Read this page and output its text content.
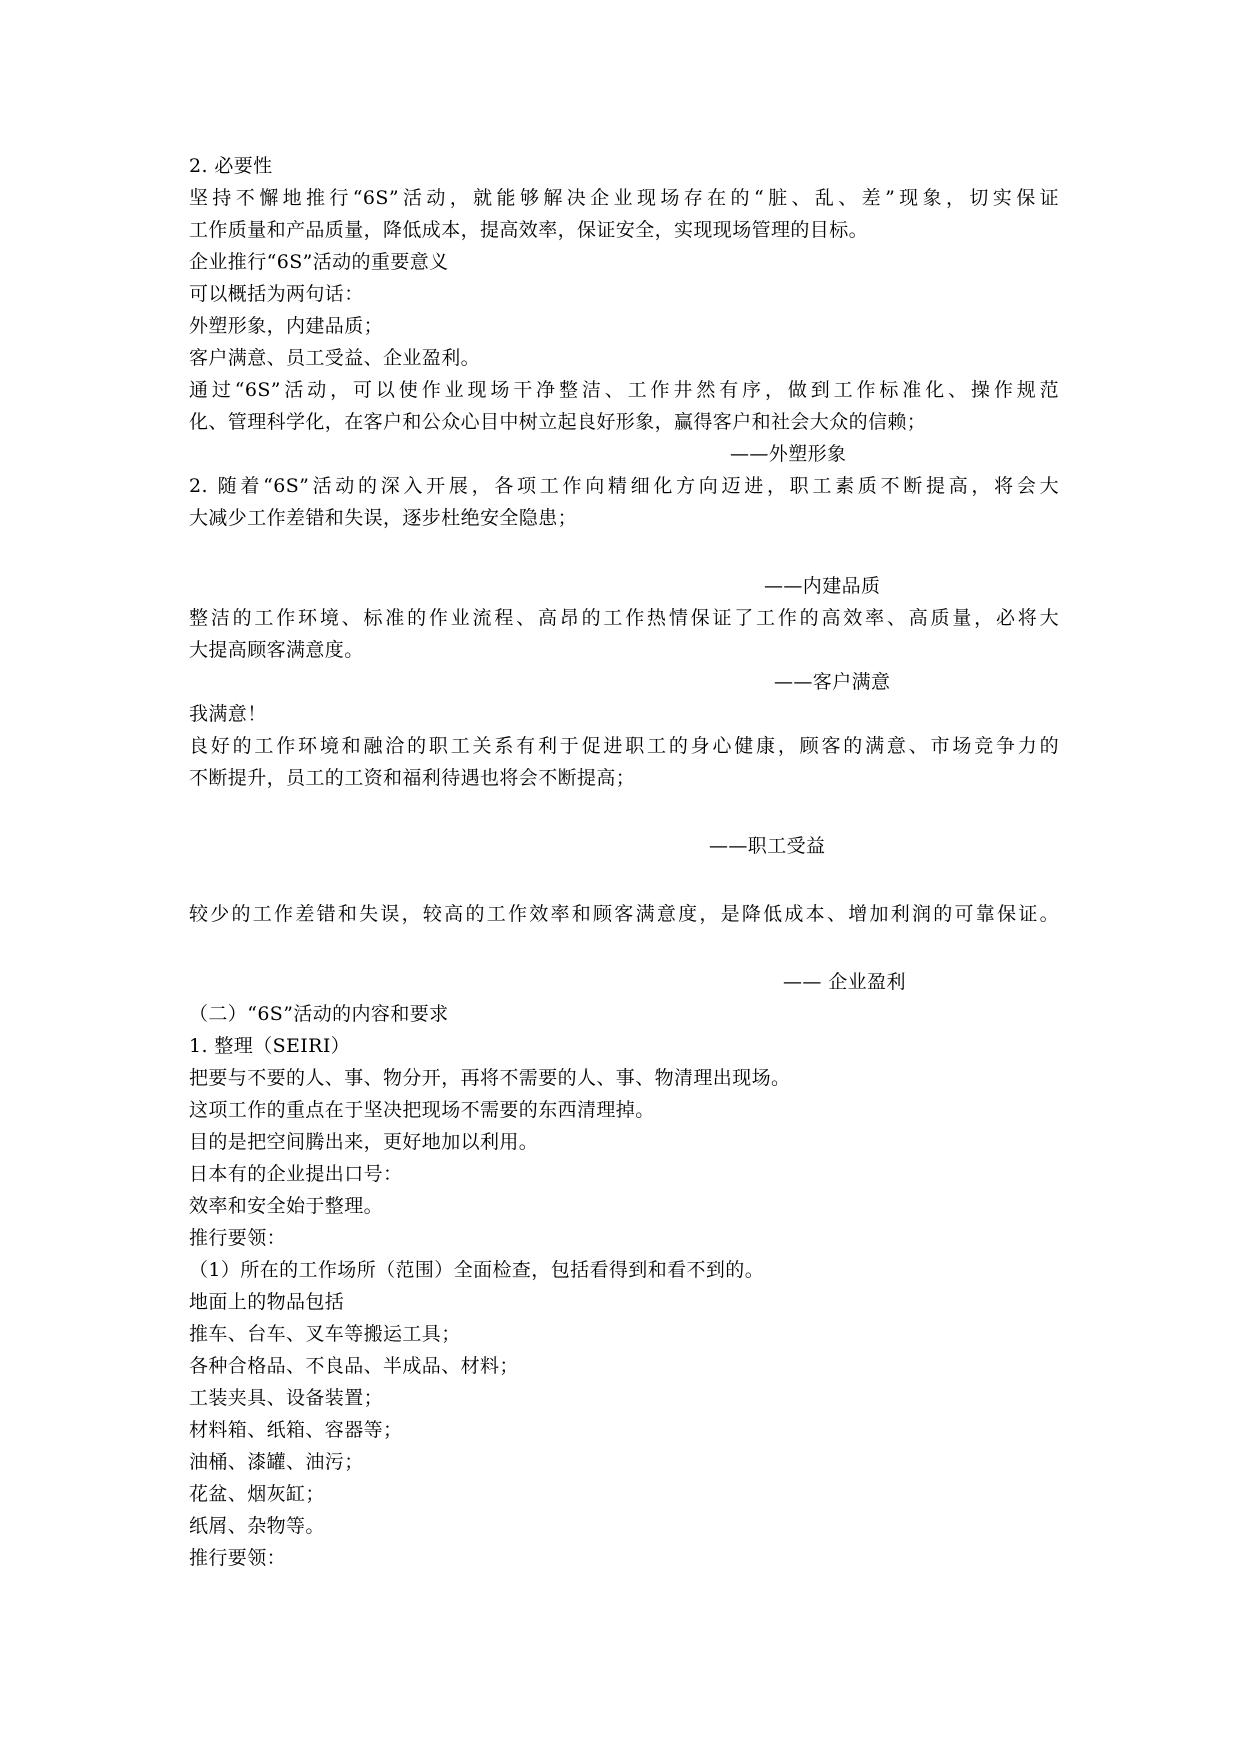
2. 必要性
坚持不懈地推行“6S”活动，就能够解决企业现场存在的“脏、乱、差”现象，切实保证
工作质量和产品质量，降低成本，提高效率，保证安全，实现现场管理的目标。
企业推行“6S”活动的重要意义
可以概括为两句话：
外塑形象，内建品质；
客户满意、员工受益、企业盈利。
通过“6S”活动，可以使作业现场干净整洁、工作井然有序，做到工作标准化、操作规范
化、管理科学化，在客户和公众心目中树立起良好形象，赢得客户和社会大众的信赖；
——外塑形象
2. 随着“6S”活动的深入开展，各项工作向精细化方向迈进，职工素质不断提高，将会大
大减少工作差错和失误，逐步杜绝安全隐患；
——内建品质
整洁的工作环境、标准的作业流程、高昂的工作热情保证了工作的高效率、高质量，必将大
大提高顾客满意度。
——客户满意
我满意！
良好的工作环境和融洽的职工关系有利于促进职工的身心健康，顾客的满意、市场竞争力的
不断提升，员工的工资和福利待遇也将会不断提高；
——职工受益
较少的工作差错和失误，较高的工作效率和顾客满意度，是降低成本、增加利润的可靠保证。
—— 企业盈利
（二）“6S”活动的内容和要求
1. 整理（SEIRI）
把要与不要的人、事、物分开，再将不需要的人、事、物清理出现场。
这项工作的重点在于坚决把现场不需要的东西清理掉。
目的是把空间腾出来，更好地加以利用。
日本有的企业提出口号：
效率和安全始于整理。
推行要领：
（1）所在的工作场所（范围）全面检查，包括看得到和看不到的。
地面上的物品包括
推车、台车、叉车等搬运工具；
各种合格品、不良品、半成品、材料；
工装夹具、设备装置；
材料箱、纸箱、容器等；
油桶、漆罐、油污；
花盆、烟灰缸；
纸屑、杂物等。
推行要领：
